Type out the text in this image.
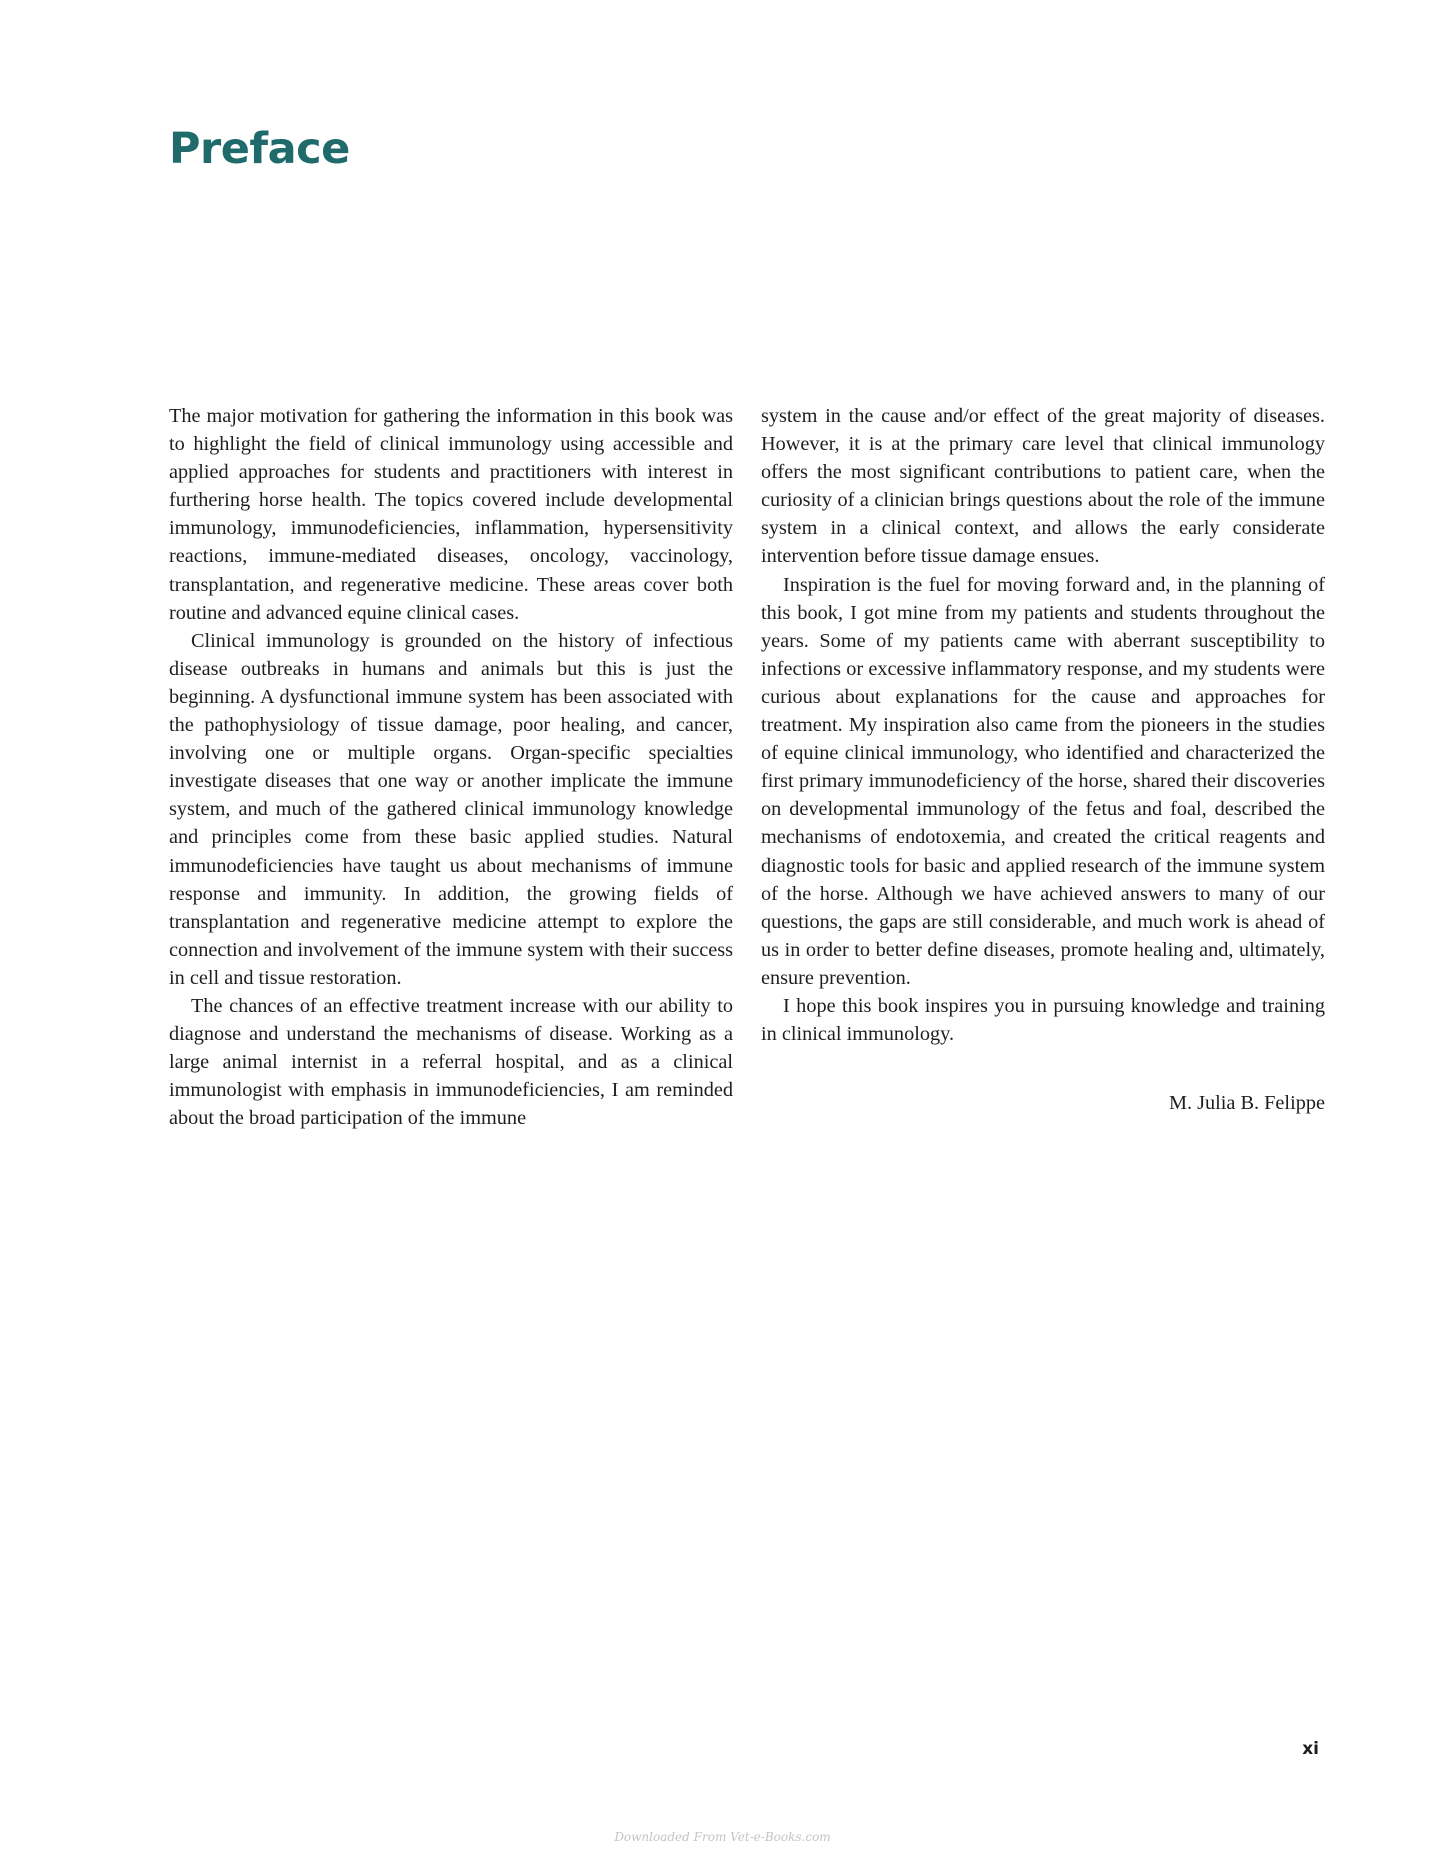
Preface

The major motivation for gathering the information in this book was to highlight the field of clinical immunology using accessible and applied approaches for students and practitioners with interest in furthering horse health. The topics covered include developmental immunology, immunodeficiencies, inflammation, hypersensitivity reactions, immune-mediated diseases, oncology, vaccinology, transplantation, and regenerative medicine. These areas cover both routine and advanced equine clinical cases.

Clinical immunology is grounded on the history of infectious disease outbreaks in humans and animals but this is just the beginning. A dysfunctional immune system has been associated with the pathophysiology of tissue damage, poor healing, and cancer, involving one or multiple organs. Organ-specific specialties investigate diseases that one way or another implicate the immune system, and much of the gathered clinical immunology knowledge and principles come from these basic applied studies. Natural immunodeficiencies have taught us about mechanisms of immune response and immunity. In addition, the growing fields of transplantation and regenerative medicine attempt to explore the connection and involvement of the immune system with their success in cell and tissue restoration.

The chances of an effective treatment increase with our ability to diagnose and understand the mechanisms of disease. Working as a large animal internist in a referral hospital, and as a clinical immunologist with emphasis in immunodeficiencies, I am reminded about the broad participation of the immune

system in the cause and/or effect of the great majority of diseases. However, it is at the primary care level that clinical immunology offers the most significant contributions to patient care, when the curiosity of a clinician brings questions about the role of the immune system in a clinical context, and allows the early considerate intervention before tissue damage ensues.

Inspiration is the fuel for moving forward and, in the planning of this book, I got mine from my patients and students throughout the years. Some of my patients came with aberrant susceptibility to infections or excessive inflammatory response, and my students were curious about explanations for the cause and approaches for treatment. My inspiration also came from the pioneers in the studies of equine clinical immunology, who identified and characterized the first primary immunodeficiency of the horse, shared their discoveries on developmental immunology of the fetus and foal, described the mechanisms of endotoxemia, and created the critical reagents and diagnostic tools for basic and applied research of the immune system of the horse. Although we have achieved answers to many of our questions, the gaps are still considerable, and much work is ahead of us in order to better define diseases, promote healing and, ultimately, ensure prevention.

I hope this book inspires you in pursuing knowledge and training in clinical immunology.

M. Julia B. Felippe
xi
Downloaded From Vet-e-Books.com
